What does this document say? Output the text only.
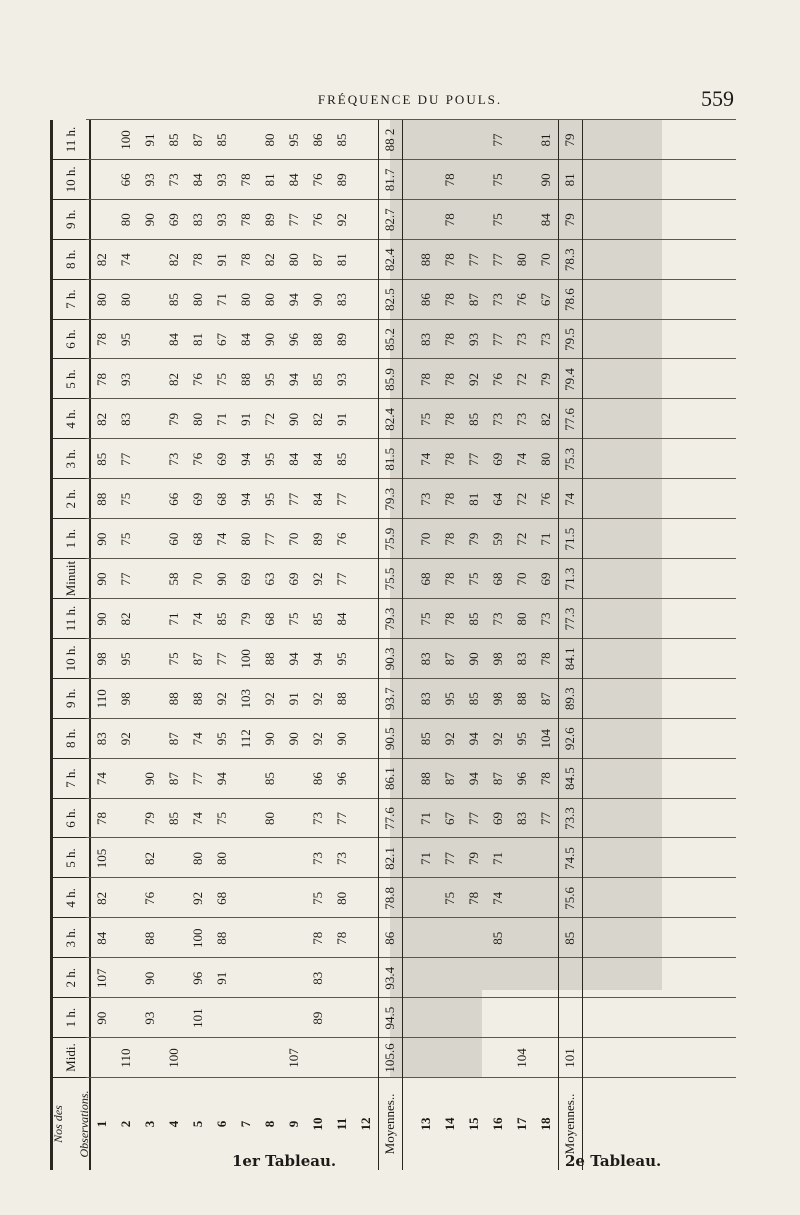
FRÉQUENCE DU POULS.	559
Nos des Observations.
Midi.
1 h.
2 h.
3 h.
4 h.
5 h.
6 h.
7 h.
8 h.
9 h.
10 h.
11 h.
Minuit
1 h.
2 h.
3 h.
4 h.
5 h.
6 h.
7 h.
8 h.
9 h.
10 h.
11 h.
1
90
107
84
82
105
78
74
83
110
98
90
90
90
88
85
82
78
78
80
82
2
110
92
98
95
82
77
75
75
77
83
93
95
80
74
80
66
100
3
93
90
88
76
82
79
90
90
93
91
4
100
85
87
87
88
75
71
58
60
66
73
79
82
84
85
82
69
73
85
5
101
96
100
92
80
74
77
74
88
87
74
70
68
69
76
80
76
81
80
78
83
84
87
6
91
88
68
80
75
94
95
92
77
85
90
74
68
69
71
75
67
71
91
93
93
85
7
112
103
100
79
69
80
94
94
91
88
84
80
78
78
78
8
80
85
90
92
88
68
63
77
95
95
72
95
90
80
82
89
81
80
9
107
90
91
94
75
69
70
77
84
90
94
96
94
80
77
84
95
10
89
83
78
75
73
73
86
92
92
94
85
92
89
84
84
82
85
88
90
87
76
76
86
11
78
80
73
77
96
90
88
95
84
77
76
77
85
91
93
89
83
81
92
89
85
12 Moyennes..
105.6
94.5
93.4
86
78.8
82.1
77.6
86.1
90.5
93.7
90.3
79.3
75.5
75.9
79.3
81.5
82.4
85.9
85.2
82.5
82.4
82.7
81.7
88 2
13
71
71
88
85
83
83
75
68
70
73
74
75
78
83
86
88
14
75
77
67
87
92
95
87
78
78
78
78
78
78
78
78
78
78
78
78
15
78
79
77
94
94
85
90
85
75
79
81
77
85
92
93
87
77
16
85
74
71
69
87
92
98
98
73
68
59
64
69
73
76
77
73
77
75
75
77
17
104
83
96
95
88
83
80
70
72
72
74
73
72
73
76
80
18
77
78
104
87
78
73
69
71
76
80
82
79
73
67
70
84
90
81
Moyennes..
101
85
75.6
74.5
73.3
84.5
92.6
89.3
84.1
77.3
71.3
71.5
74
75.3
77.6
79.4
79.5
78.6
78.3
79
81
79
1er Tableau.	2e Tableau.
